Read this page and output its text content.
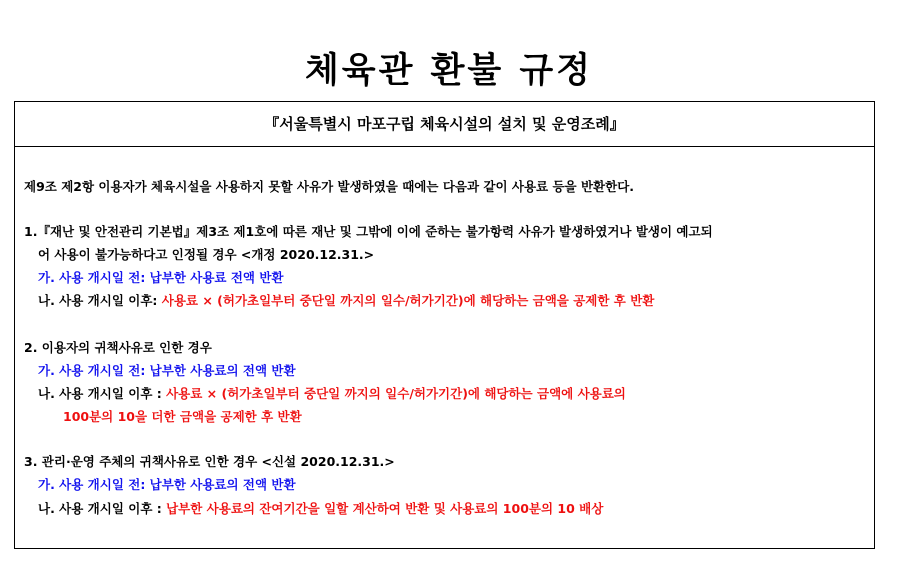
체육관 환불 규정
『서울특별시 마포구립 체육시설의 설치 및 운영조례』
제9조 제2항 이용자가 체육시설을 사용하지 못할 사유가 발생하였을 때에는 다음과 같이 사용료 등을 반환한다.
1.『재난 및 안전관리 기본법』제3조 제1호에 따른 재난 및 그밖에 이에 준하는 불가항력 사유가 발생하였거나 발생이 예고되
어 사용이 불가능하다고 인정될 경우 <개정 2020.12.31.>
가. 사용 개시일 전: 납부한 사용료 전액 반환
나. 사용 개시일 이후: 사용료 × (허가초일부터 중단일 까지의 일수/허가기간)에 해당하는 금액을 공제한 후 반환
2. 이용자의 귀책사유로 인한 경우
가. 사용 개시일 전: 납부한 사용료의 전액 반환
나. 사용 개시일 이후 : 사용료 × (허가초일부터 중단일 까지의 일수/허가기간)에 해당하는 금액에 사용료의
100분의 10을 더한 금액을 공제한 후 반환
3. 관리·운영 주체의 귀책사유로 인한 경우 <신설 2020.12.31.>
가. 사용 개시일 전: 납부한 사용료의 전액 반환
나. 사용 개시일 이후 : 납부한 사용료의 잔여기간을 일할 계산하여 반환 및 사용료의 100분의 10 배상
